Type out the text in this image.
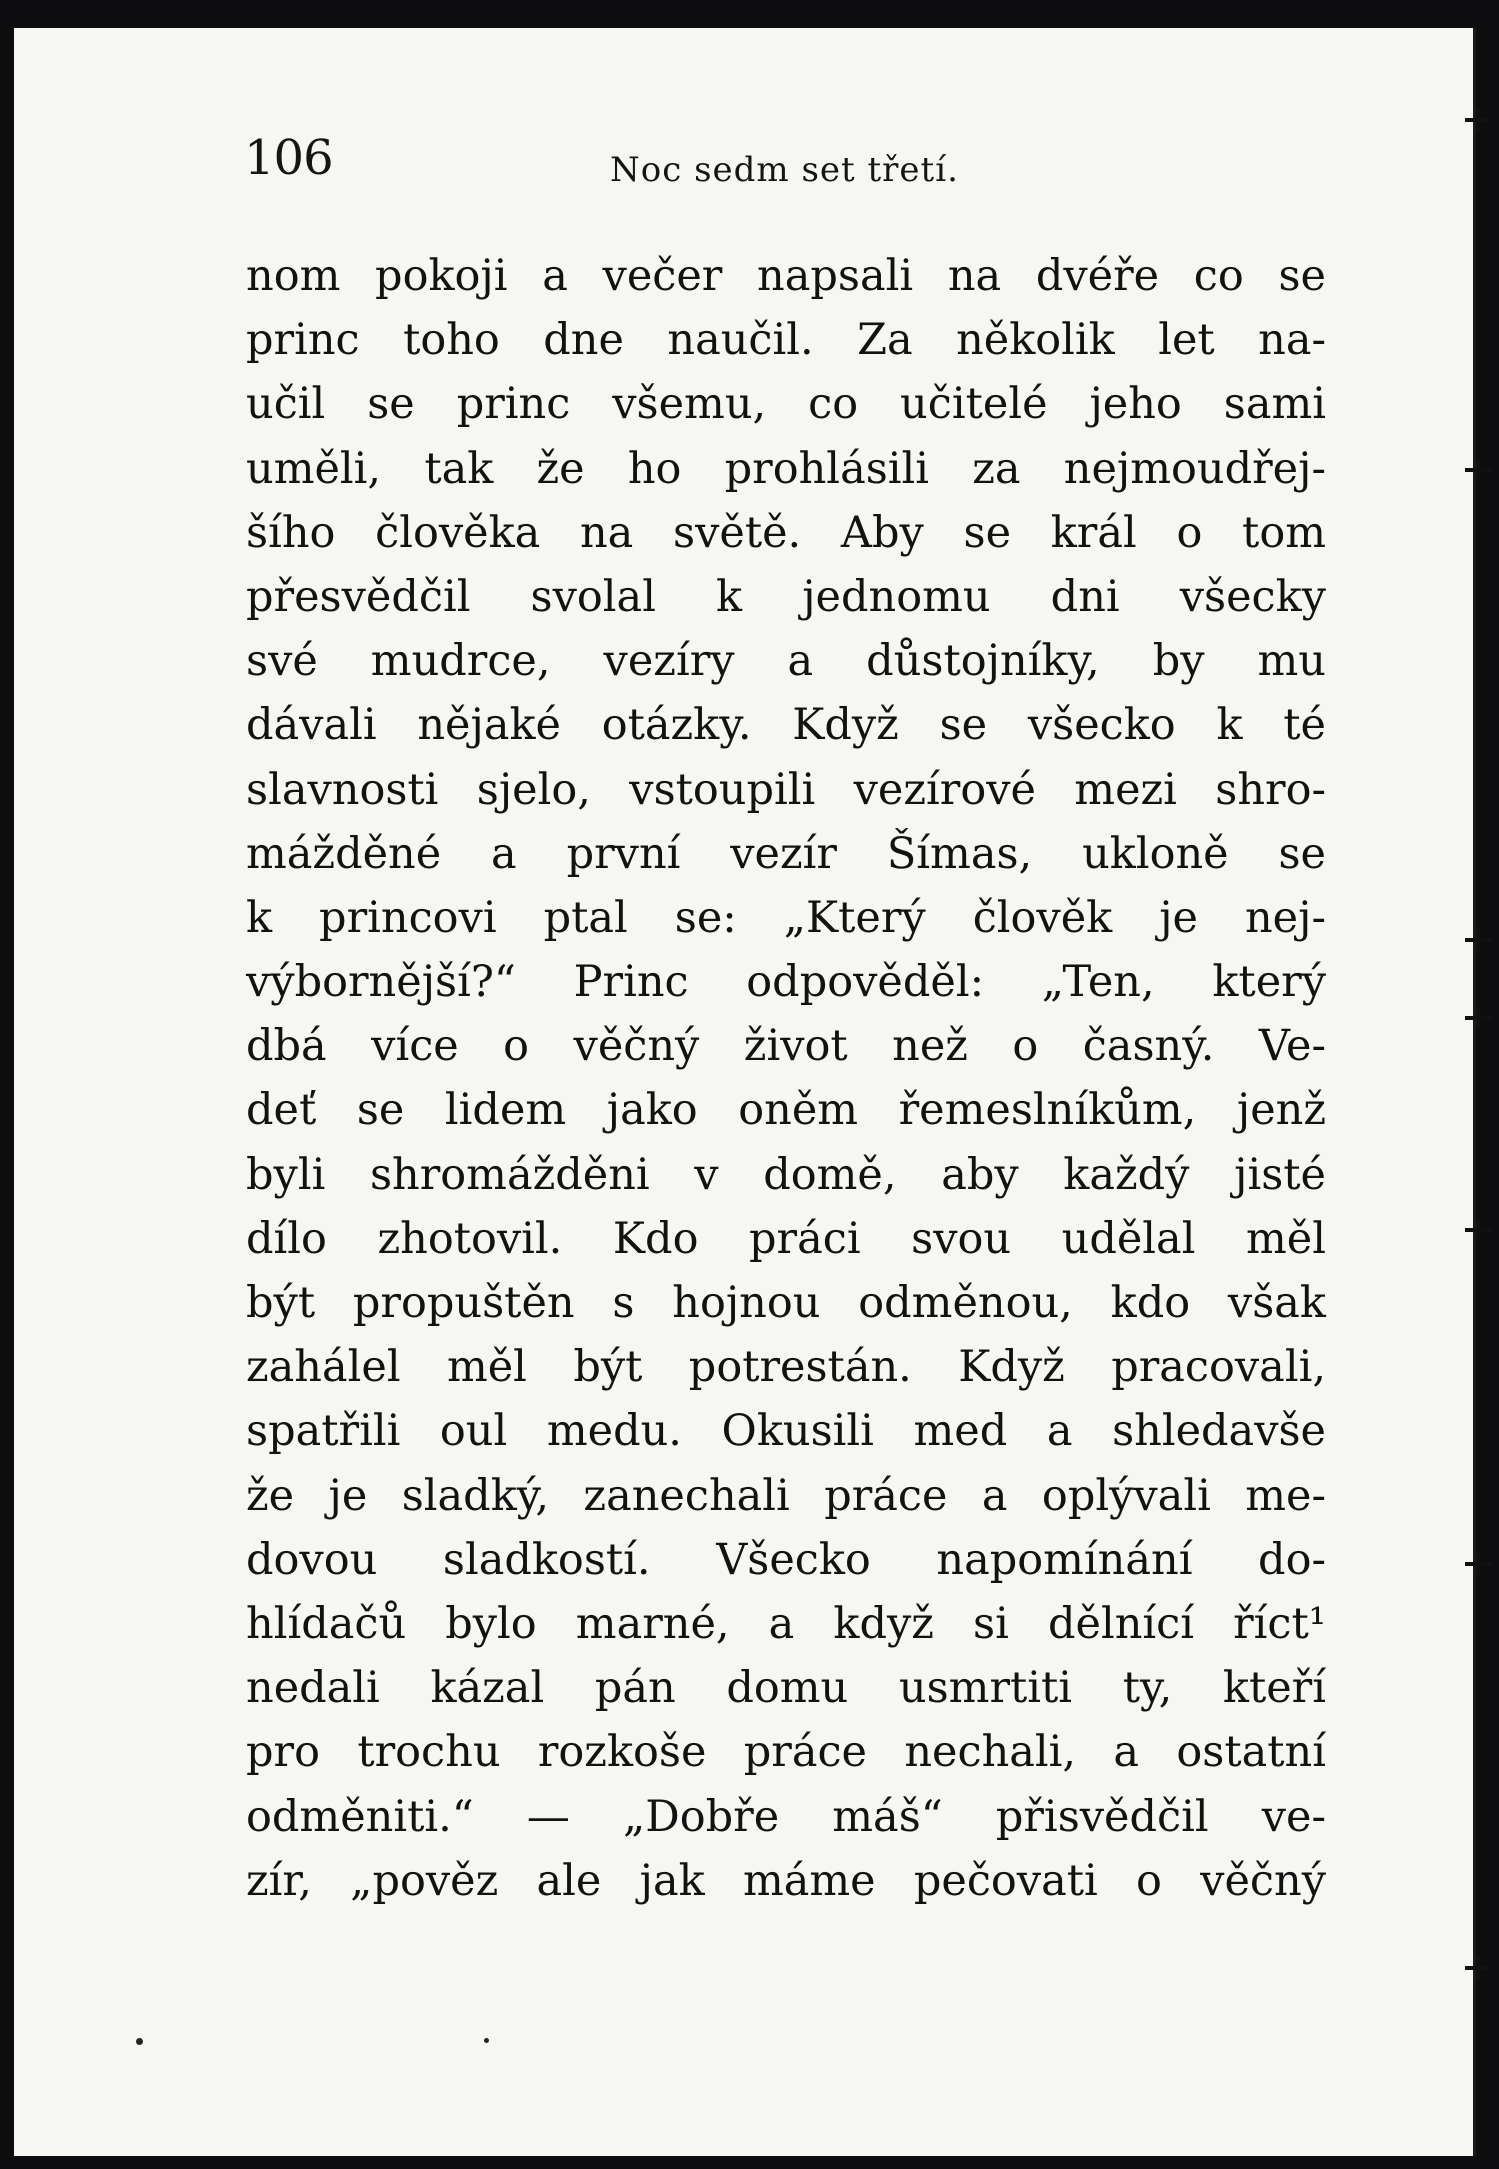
106	Noc sedm set třetí.
nom pokoji a večer napsali na dvéře co se
princ toho dne naučil. Za několik let na-
učil se princ všemu, co učitelé jeho sami
uměli, tak že ho prohlásili za nejmoudřej-
šího člověka na světě. Aby se král o tom
přesvědčil svolal k jednomu dni všecky
své mudrce, vezíry a důstojníky, by mu
dávali nějaké otázky. Když se všecko k té
slavnosti sjelo, vstoupili vezírové mezi shro-
mážděné a první vezír Šímas, ukloně se
k princovi ptal se: „Který člověk je nej-
výbornější?“ Princ odpověděl: „Ten, který
dbá více o věčný život než o časný. Ve-
deť se lidem jako oněm řemeslníkům, jenž
byli shromážděni v domě, aby každý jisté
dílo zhotovil. Kdo práci svou udělal měl
být propuštěn s hojnou odměnou, kdo však
zahálel měl být potrestán. Když pracovali,
spatřili oul medu. Okusili med a shledavše
že je sladký, zanechali práce a oplývali me-
dovou sladkostí. Všecko napomínání do-
hlídačů bylo marné, a když si dělnící říct¹
nedali kázal pán domu usmrtiti ty, kteří
pro trochu rozkoše práce nechali, a ostatní
odměniti.“ — „Dobře máš“ přisvědčil ve-
zír, „pověz ale jak máme pečovati o věčný
